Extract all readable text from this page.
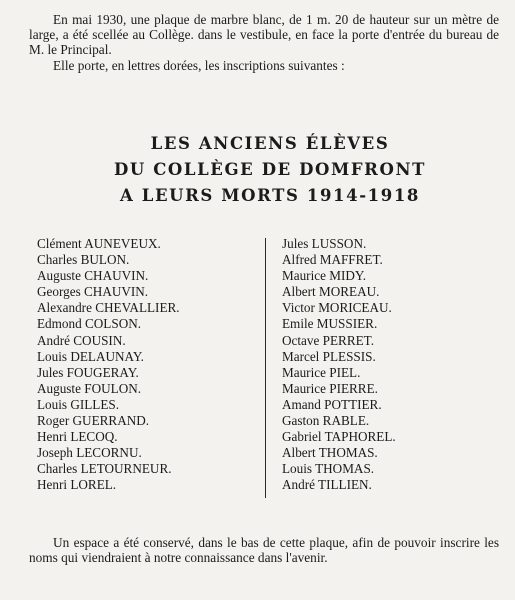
En mai 1930, une plaque de marbre blanc, de 1 m. 20 de hauteur sur un mètre de large, a été scellée au Collège. dans le vestibule, en face la porte d'entrée du bureau de M. le Principal.

Elle porte, en lettres dorées, les inscriptions suivantes :

LES ANCIENS ÉLÈVES
DU COLLÈGE DE DOMFRONT
A LEURS MORTS 1914-1918
Clément AUNEVEUX.
Charles BULON.
Auguste CHAUVIN.
Georges CHAUVIN.
Alexandre CHEVALLIER.
Edmond COLSON.
André COUSIN.
Louis DELAUNAY.
Jules FOUGERAY.
Auguste FOULON.
Louis GILLES.
Roger GUERRAND.
Henri LECOQ.
Joseph LECORNU.
Charles LETOURNEUR.
Henri LOREL.
Jules LUSSON.
Alfred MAFFRET.
Maurice MIDY.
Albert MOREAU.
Victor MORICEAU.
Emile MUSSIER.
Octave PERRET.
Marcel PLESSIS.
Maurice PIEL.
Maurice PIERRE.
Amand POTTIER.
Gaston RABLE.
Gabriel TAPHOREL.
Albert THOMAS.
Louis THOMAS.
André TILLIEN.

Un espace a été conservé, dans le bas de cette plaque, afin de pouvoir inscrire les noms qui viendraient à notre connaissance dans l'avenir.
